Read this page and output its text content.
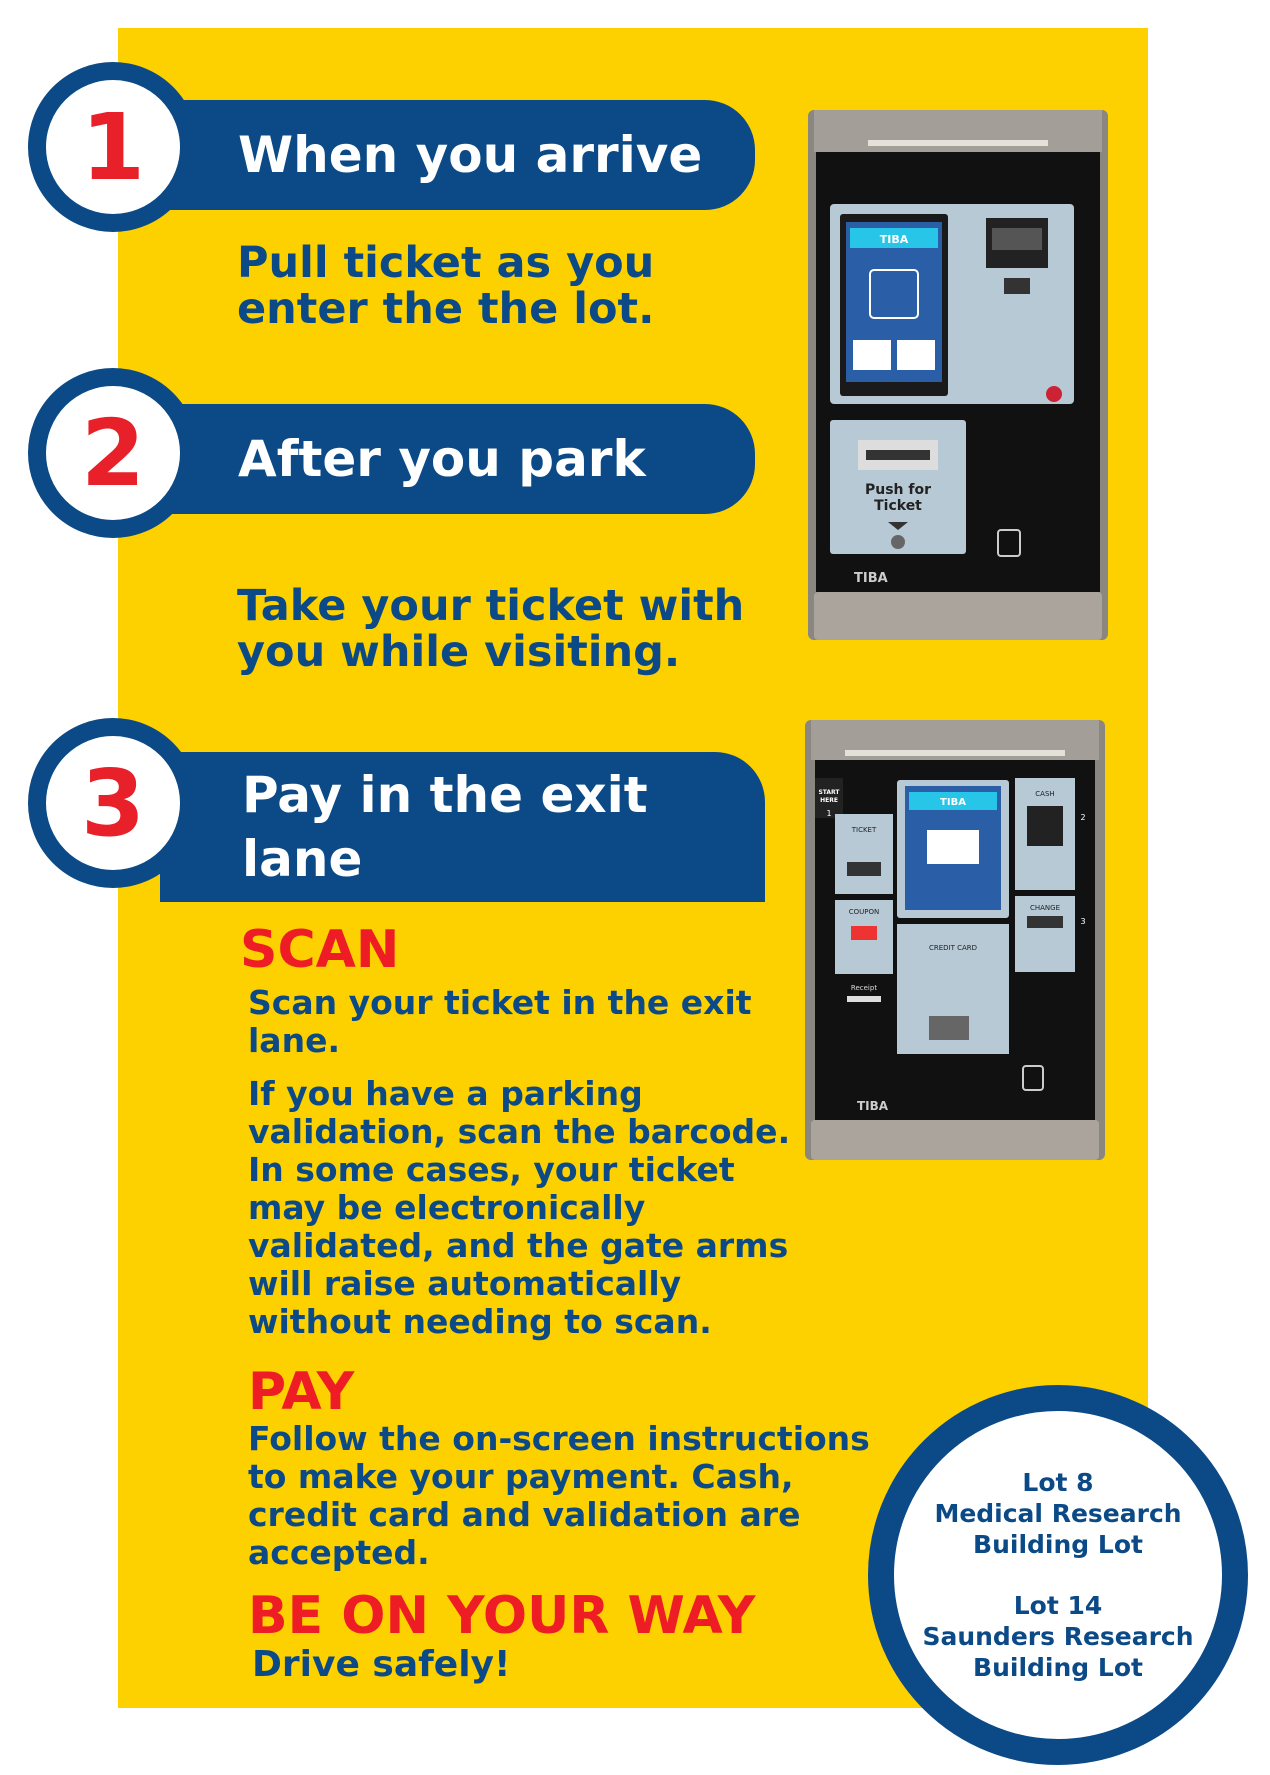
When you arrive
1
Pull ticket as you
enter the the lot.
After you park
2
Take your ticket with
you while visiting.
Pay in the exit
lane
3
SCAN
Scan your ticket in the exit
lane.
If you have a parking
validation, scan the barcode.
In some cases, your ticket
may be electronically
validated, and the gate arms
will raise automatically
without needing to scan.
PAY
Follow the on-screen instructions
to make your payment. Cash,
credit card and validation are
accepted.
BE ON YOUR WAY
Drive safely!
Lot 8
Medical Research
Building Lot
Lot 14
Saunders Research
Building Lot
TIBA
Push for
Ticket
TIBA
TIBA
START
HERE
1
TICKET
COUPON
Receipt
CREDIT CARD
CASH
2
CHANGE
3
TIBA
